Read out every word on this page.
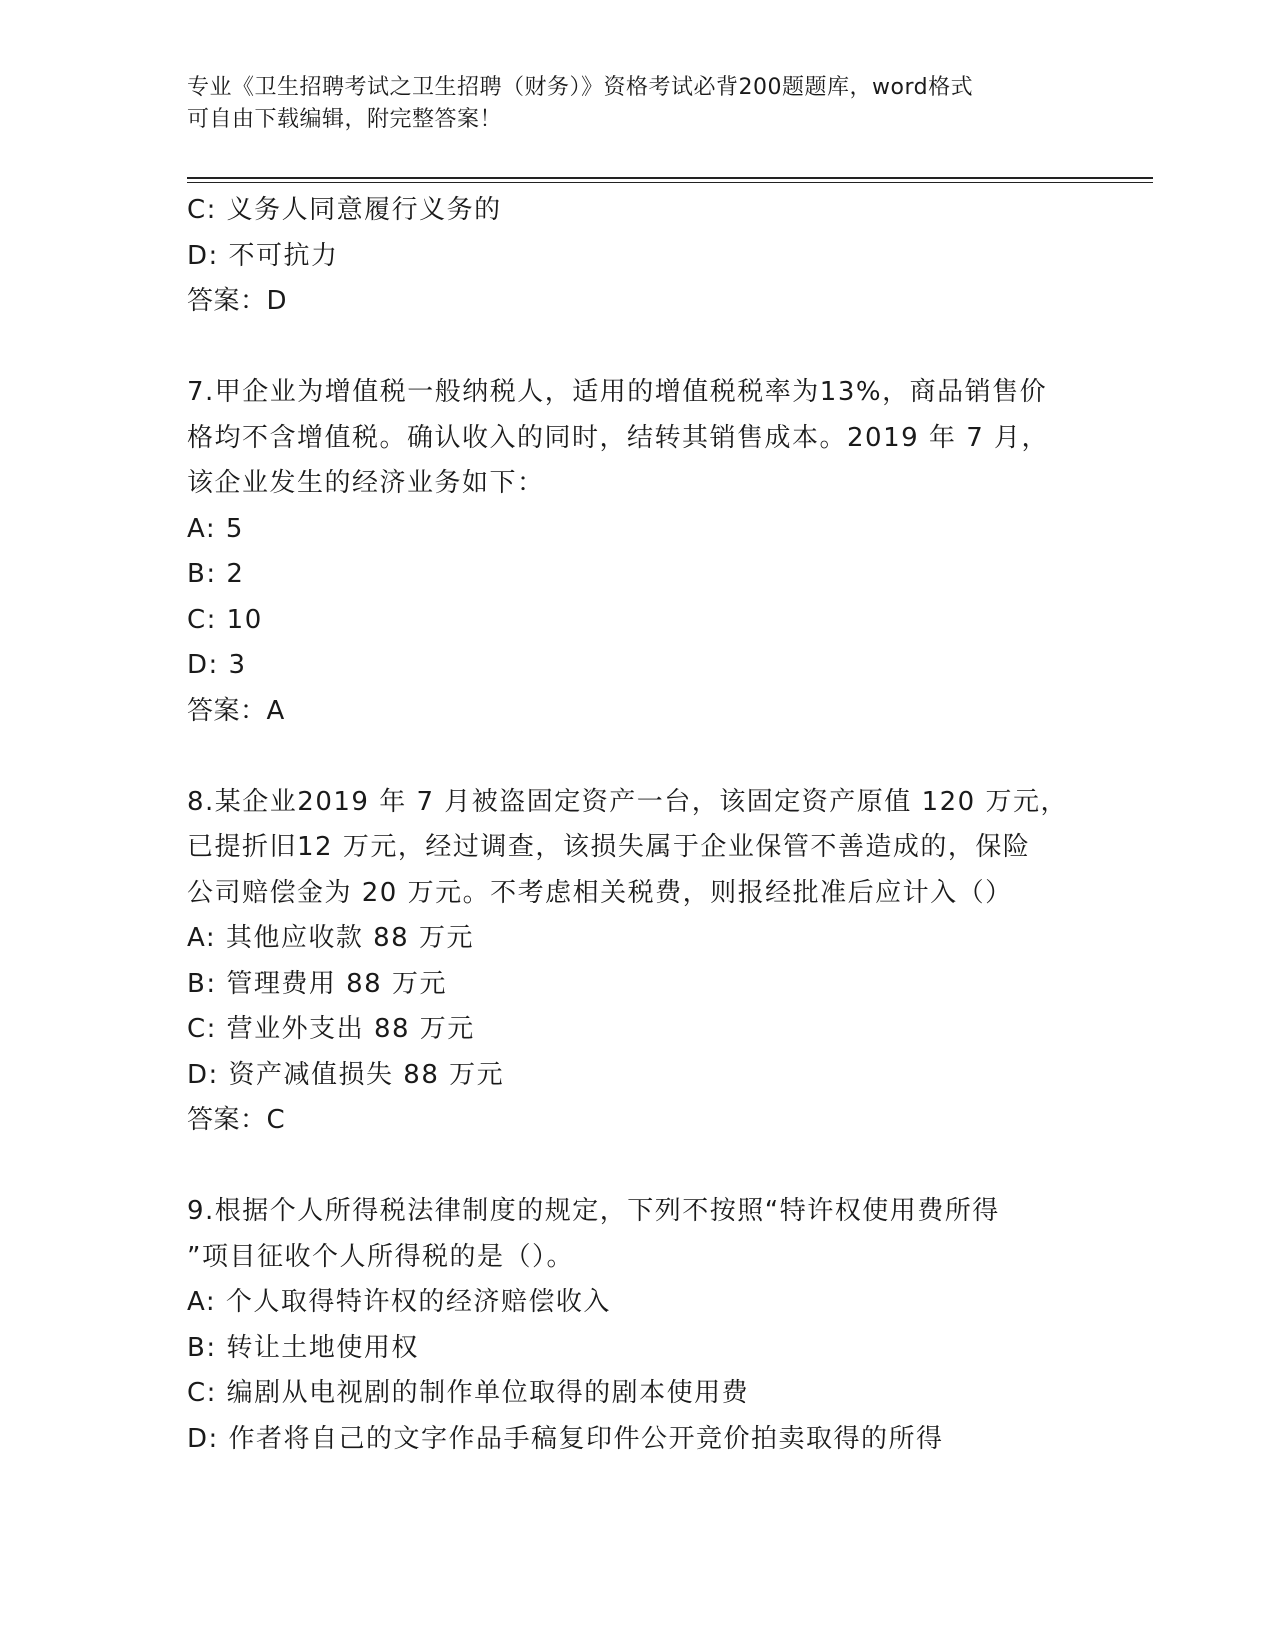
专业《卫生招聘考试之卫生招聘（财务）》资格考试必背200题题库，word格式
可自由下载编辑，附完整答案！
C: 义务人同意履行义务的
D: 不可抗力
答案：D
7.甲企业为增值税一般纳税人，适用的增值税税率为13%，商品销售价
格均不含增值税。确认收入的同时，结转其销售成本。2019 年 7 月，
该企业发生的经济业务如下：
A: 5
B: 2
C: 10
D: 3
答案：A
8.某企业2019 年 7 月被盗固定资产一台，该固定资产原值 120 万元，
已提折旧12 万元，经过调查，该损失属于企业保管不善造成的，保险
公司赔偿金为 20 万元。不考虑相关税费，则报经批准后应计入（）
A: 其他应收款 88 万元
B: 管理费用 88 万元
C: 营业外支出 88 万元
D: 资产减值损失 88 万元
答案：C
9.根据个人所得税法律制度的规定，下列不按照“特许权使用费所得
”项目征收个人所得税的是（）。
A: 个人取得特许权的经济赔偿收入
B: 转让土地使用权
C: 编剧从电视剧的制作单位取得的剧本使用费
D: 作者将自己的文字作品手稿复印件公开竞价拍卖取得的所得
